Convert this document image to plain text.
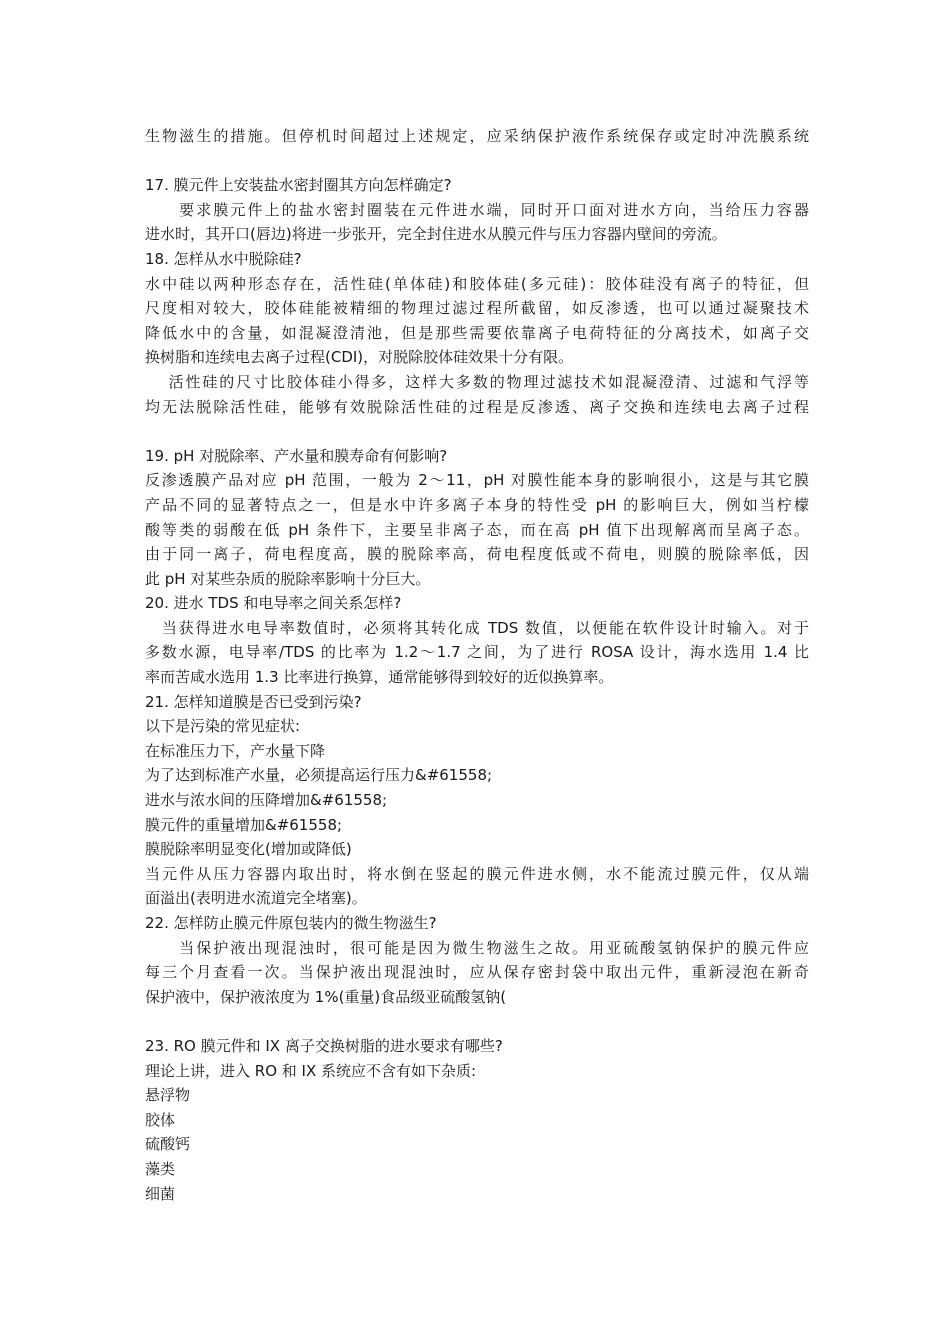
生物滋生的措施。但停机时间超过上述规定，应采纳保护液作系统保存或定时冲洗膜系统
17. 膜元件上安装盐水密封圈其方向怎样确定?
　　要求膜元件上的盐水密封圈装在元件进水端，同时开口面对进水方向，当给压力容器
进水时，其开口(唇边)将进一步张开，完全封住进水从膜元件与压力容器内壁间的旁流。
18. 怎样从水中脱除硅?
水中硅以两种形态存在，活性硅(单体硅)和胶体硅(多元硅)：胶体硅没有离子的特征，但
尺度相对较大，胶体硅能被精细的物理过滤过程所截留，如反渗透，也可以通过凝聚技术
降低水中的含量，如混凝澄清池，但是那些需要依靠离子电荷特征的分离技术，如离子交
换树脂和连续电去离子过程(CDI)，对脱除胶体硅效果十分有限。
　 活性硅的尺寸比胶体硅小得多，这样大多数的物理过滤技术如混凝澄清、过滤和气浮等
均无法脱除活性硅，能够有效脱除活性硅的过程是反渗透、离子交换和连续电去离子过程
19. pH 对脱除率、产水量和膜寿命有何影响?
反渗透膜产品对应 pH 范围，一般为 2～11，pH 对膜性能本身的影响很小，这是与其它膜
产品不同的显著特点之一，但是水中许多离子本身的特性受 pH 的影响巨大，例如当柠檬
酸等类的弱酸在低 pH 条件下，主要呈非离子态，而在高 pH 值下出现解离而呈离子态。
由于同一离子，荷电程度高，膜的脱除率高，荷电程度低或不荷电，则膜的脱除率低，因
此 pH 对某些杂质的脱除率影响十分巨大。
20. 进水 TDS 和电导率之间关系怎样?
　当获得进水电导率数值时，必须将其转化成 TDS 数值，以便能在软件设计时输入。对于
多数水源，电导率/TDS 的比率为 1.2～1.7 之间，为了进行 ROSA 设计，海水选用 1.4 比
率而苦咸水选用 1.3 比率进行换算，通常能够得到较好的近似换算率。
21. 怎样知道膜是否已受到污染?
以下是污染的常见症状:
在标准压力下，产水量下降
为了达到标准产水量，必须提高运行压力&#61558;
进水与浓水间的压降增加&#61558;
膜元件的重量增加&#61558;
膜脱除率明显变化(增加或降低)
当元件从压力容器内取出时，将水倒在竖起的膜元件进水侧，水不能流过膜元件，仅从端
面溢出(表明进水流道完全堵塞)。
22. 怎样防止膜元件原包装内的微生物滋生?
　　当保护液出现混浊时，很可能是因为微生物滋生之故。用亚硫酸氢钠保护的膜元件应
每三个月查看一次。当保护液出现混浊时，应从保存密封袋中取出元件，重新浸泡在新奇
保护液中，保护液浓度为 1%(重量)食品级亚硫酸氢钠(
23. RO 膜元件和 IX 离子交换树脂的进水要求有哪些?
理论上讲，进入 RO 和 IX 系统应不含有如下杂质:
悬浮物
胶体
硫酸钙
藻类
细菌
